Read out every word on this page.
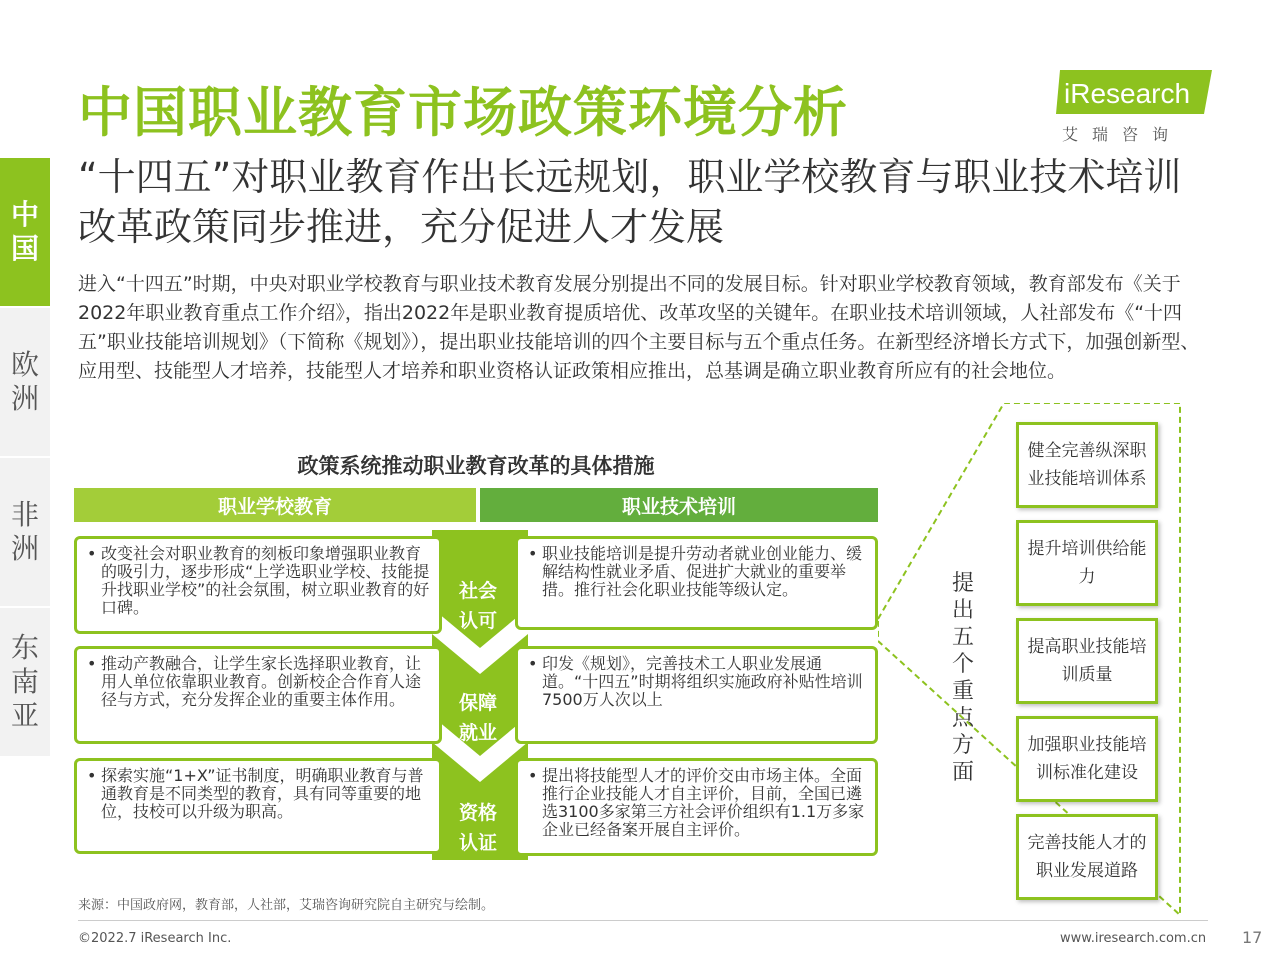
中国职业教育市场政策环境分析	iResearch
艾瑞咨询
中
国
欧
洲
非
洲
东
南
亚
“十四五”对职业教育作出长远规划，职业学校教育与职业技术培训改革政策同步推进，充分促进人才发展
进入“十四五”时期，中央对职业学校教育与职业技术教育发展分别提出不同的发展目标。针对职业学校教育领域，教育部发布《关于2022年职业教育重点工作介绍》，指出2022年是职业教育提质培优、改革攻坚的关键年。在职业技术培训领域，人社部发布《“十四五”职业技能培训规划》（下简称《规划》），提出职业技能培训的四个主要目标与五个重点任务。在新型经济增长方式下，加强创新型、应用型、技能型人才培养，技能型人才培养和职业资格认证政策相应推出，总基调是确立职业教育所应有的社会地位。
政策系统推动职业教育改革的具体措施
职业学校教育	职业技术培训
社会
认可
保障
就业
资格
认证
• 改变社会对职业教育的刻板印象增强职业教育的吸引力，逐步形成“上学选职业学校、技能提升找职业学校”的社会氛围，树立职业教育的好口碑。
• 职业技能培训是提升劳动者就业创业能力、缓解结构性就业矛盾、促进扩大就业的重要举措。推行社会化职业技能等级认定。
• 推动产教融合，让学生家长选择职业教育，让用人单位依靠职业教育。创新校企合作育人途径与方式，充分发挥企业的重要主体作用。
• 印发《规划》，完善技术工人职业发展通道。“十四五”时期将组织实施政府补贴性培训7500万人次以上
• 探索实施“1+X”证书制度，明确职业教育与普通教育是不同类型的教育，具有同等重要的地位，技校可以升级为职高。
• 提出将技能型人才的评价交由市场主体。全面推行企业技能人才自主评价，目前，全国已遴选3100多家第三方社会评价组织有1.1万多家企业已经备案开展自主评价。
提出五个重点方面
健全完善纵深职业技能培训体系
提升培训供给能力
提高职业技能培训质量
加强职业技能培训标准化建设
完善技能人才的职业发展道路
来源：中国政府网，教育部，人社部，艾瑞咨询研究院自主研究与绘制。
©2022.7 iResearch Inc.	www.iresearch.com.cn 17
